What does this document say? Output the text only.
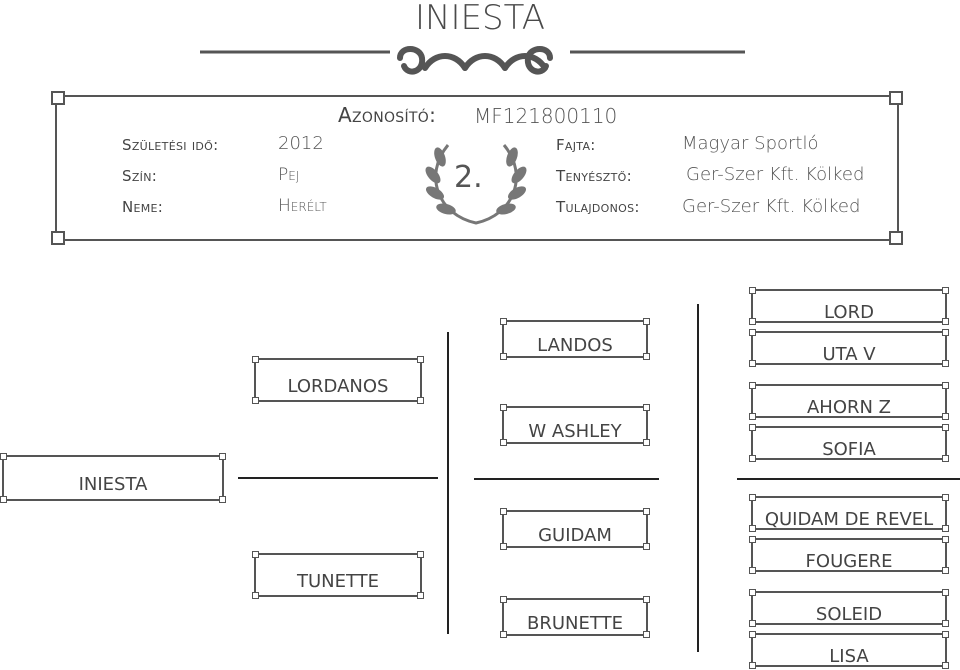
INIESTA
Azonosító: MF121800110
Születési idő:	2012
Szín:	Pej
Neme:	Herélt
Fajta:	Magyar Sportló
Tenyésztő:	Ger-Szer Kft. Kölked
Tulajdonos: Ger-Szer Kft. Kölked
2.
INIESTA
LORDANOS
TUNETTE
LANDOS
W ASHLEY
GUIDAM
BRUNETTE
LORD
UTA V
AHORN Z
SOFIA
QUIDAM DE REVEL
FOUGERE
SOLEID
LISA
